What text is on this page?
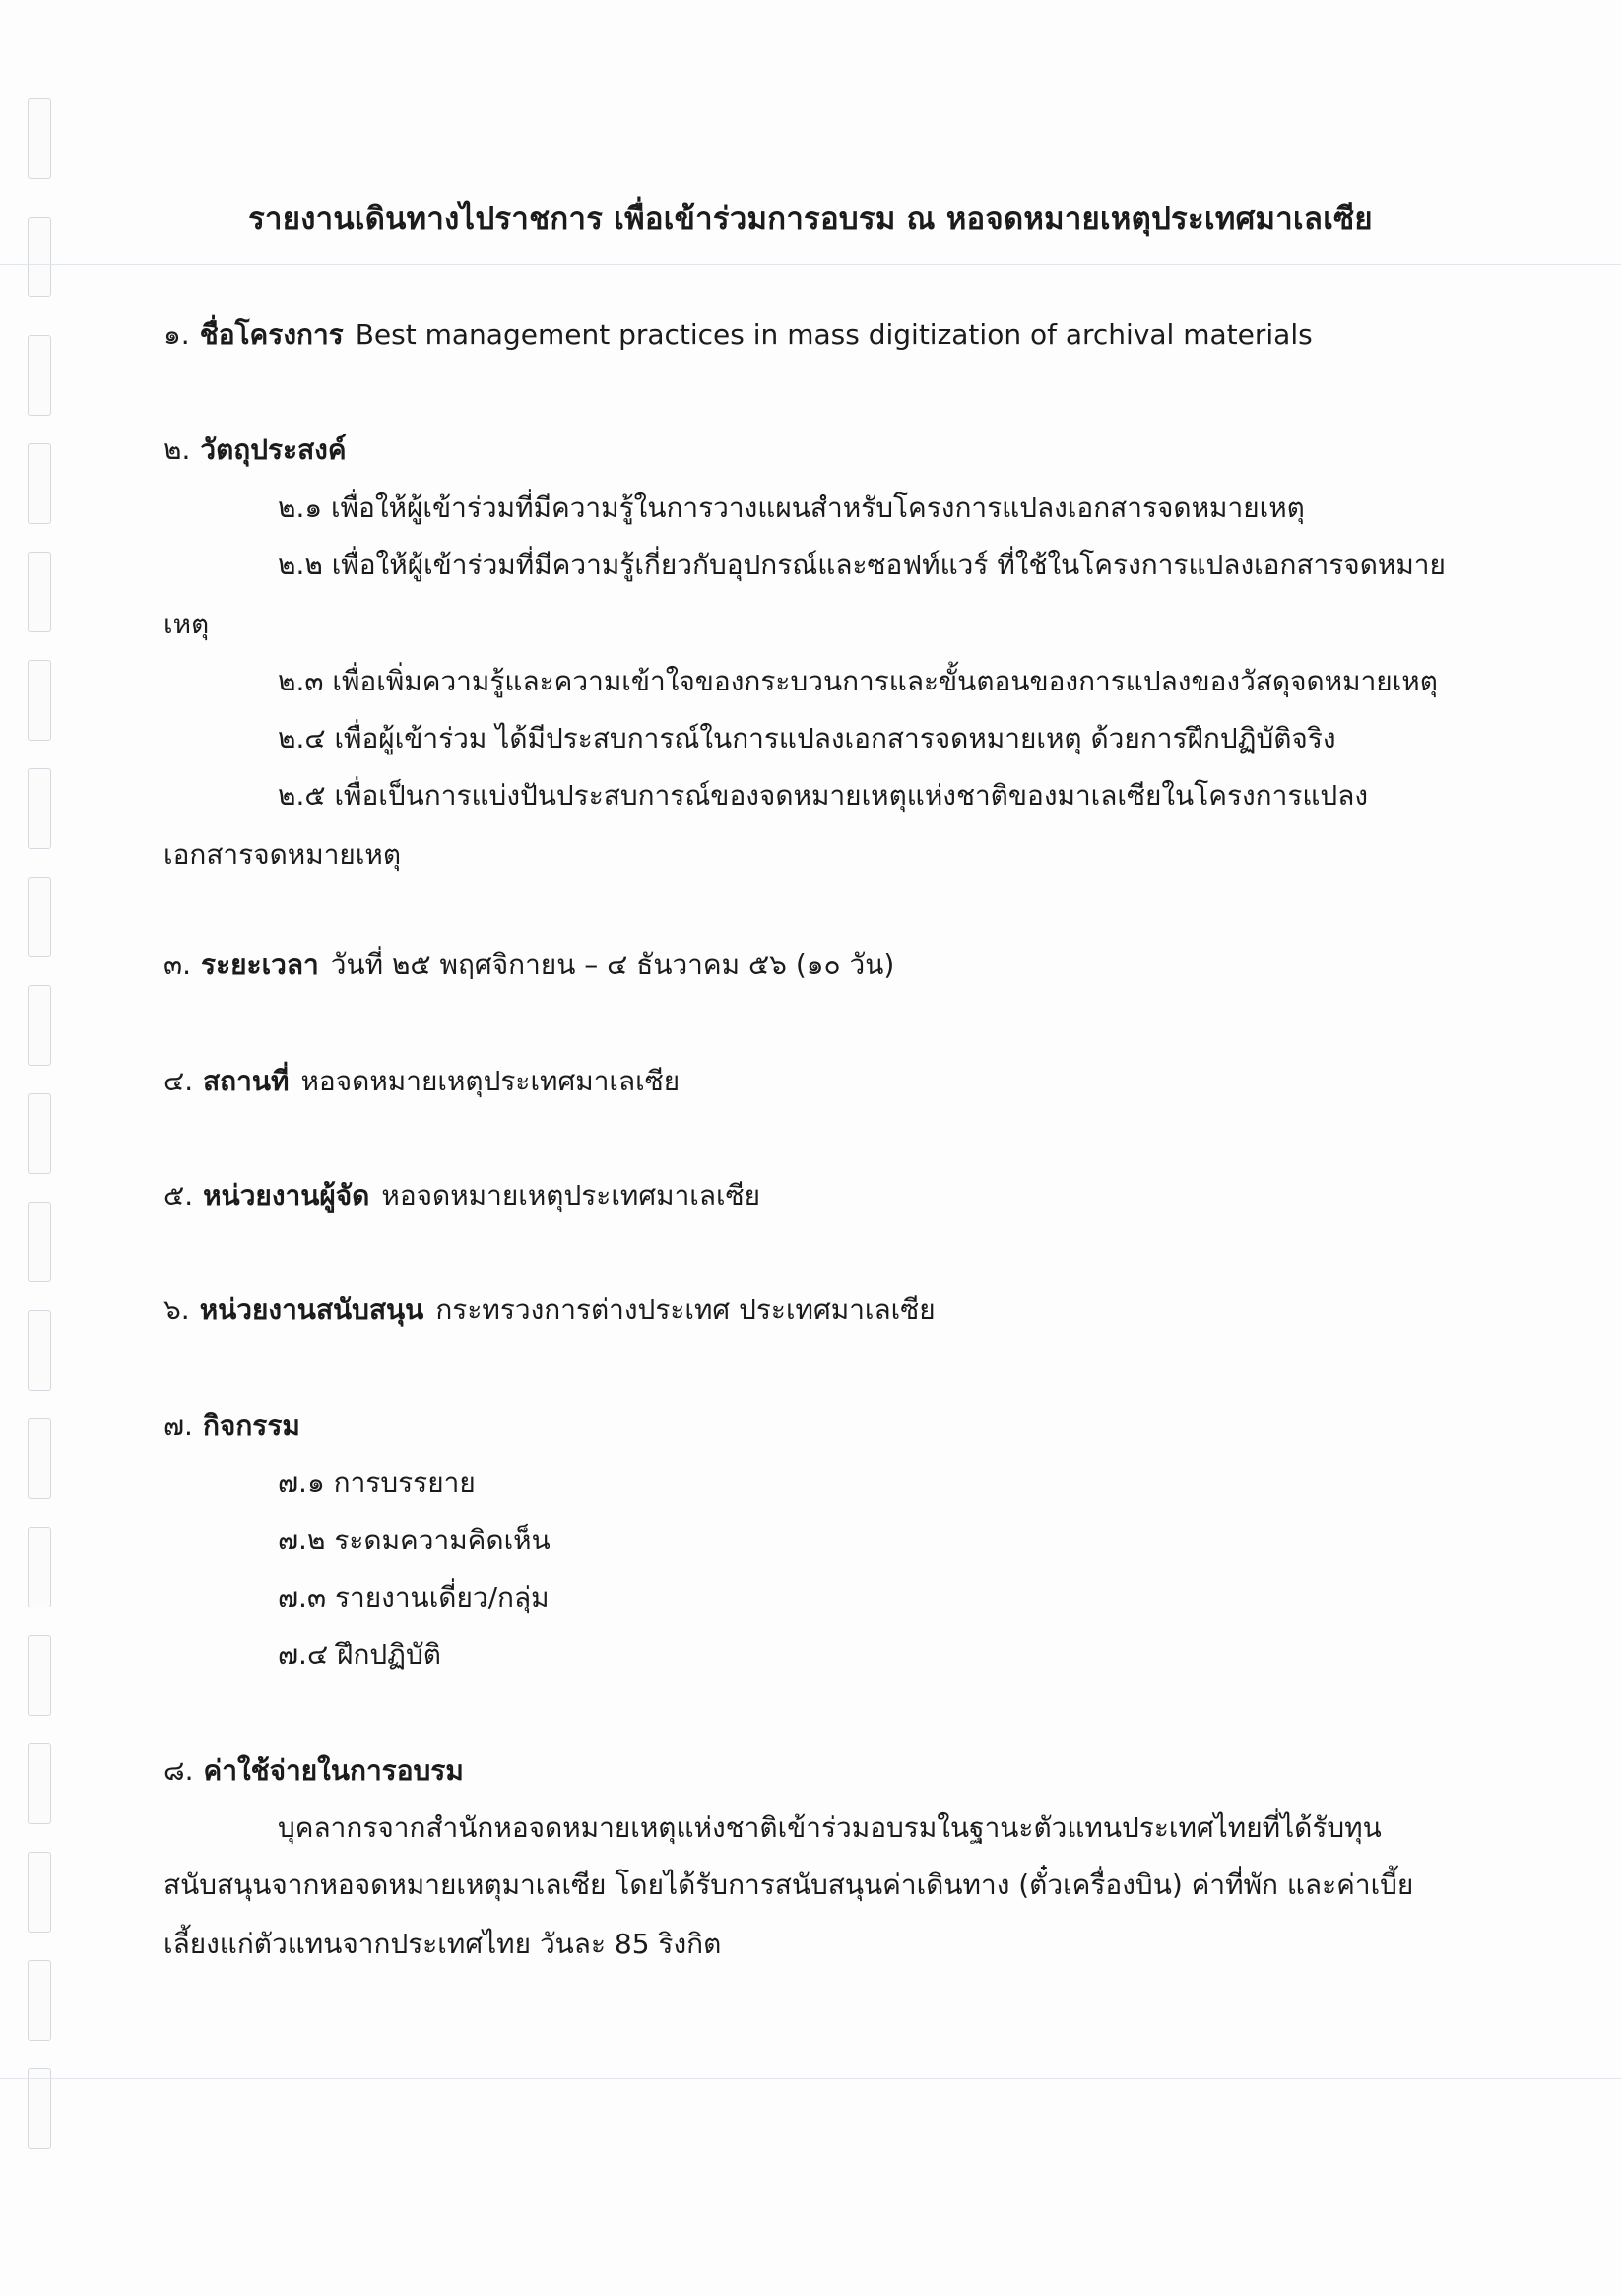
รายงานเดินทางไปราชการ เพื่อเข้าร่วมการอบรม ณ หอจดหมายเหตุประเทศมาเลเซีย
๑. ชื่อโครงการ Best management practices in mass digitization of archival materials
๒. วัตถุประสงค์
๒.๑ เพื่อให้ผู้เข้าร่วมที่มีความรู้ในการวางแผนสำหรับโครงการแปลงเอกสารจดหมายเหตุ
๒.๒ เพื่อให้ผู้เข้าร่วมที่มีความรู้เกี่ยวกับอุปกรณ์และซอฟท์แวร์ ที่ใช้ในโครงการแปลงเอกสารจดหมาย
เหตุ
๒.๓ เพื่อเพิ่มความรู้และความเข้าใจของกระบวนการและขั้นตอนของการแปลงของวัสดุจดหมายเหตุ
๒.๔ เพื่อผู้เข้าร่วม ได้มีประสบการณ์ในการแปลงเอกสารจดหมายเหตุ ด้วยการฝึกปฏิบัติจริง
๒.๕ เพื่อเป็นการแบ่งปันประสบการณ์ของจดหมายเหตุแห่งชาติของมาเลเซียในโครงการแปลง
เอกสารจดหมายเหตุ
๓. ระยะเวลา วันที่ ๒๕ พฤศจิกายน – ๔ ธันวาคม ๕๖ (๑๐ วัน)
๔. สถานที่ หอจดหมายเหตุประเทศมาเลเซีย
๕. หน่วยงานผู้จัด หอจดหมายเหตุประเทศมาเลเซีย
๖. หน่วยงานสนับสนุน กระทรวงการต่างประเทศ ประเทศมาเลเซีย
๗. กิจกรรม
๗.๑ การบรรยาย
๗.๒ ระดมความคิดเห็น
๗.๓ รายงานเดี่ยว/กลุ่ม
๗.๔ ฝึกปฏิบัติ
๘. ค่าใช้จ่ายในการอบรม
บุคลากรจากสำนักหอจดหมายเหตุแห่งชาติเข้าร่วมอบรมในฐานะตัวแทนประเทศไทยที่ได้รับทุน
สนับสนุนจากหอจดหมายเหตุมาเลเซีย โดยได้รับการสนับสนุนค่าเดินทาง (ตั๋วเครื่องบิน) ค่าที่พัก และค่าเบี้ย
เลี้ยงแก่ตัวแทนจากประเทศไทย วันละ 85 ริงกิต
